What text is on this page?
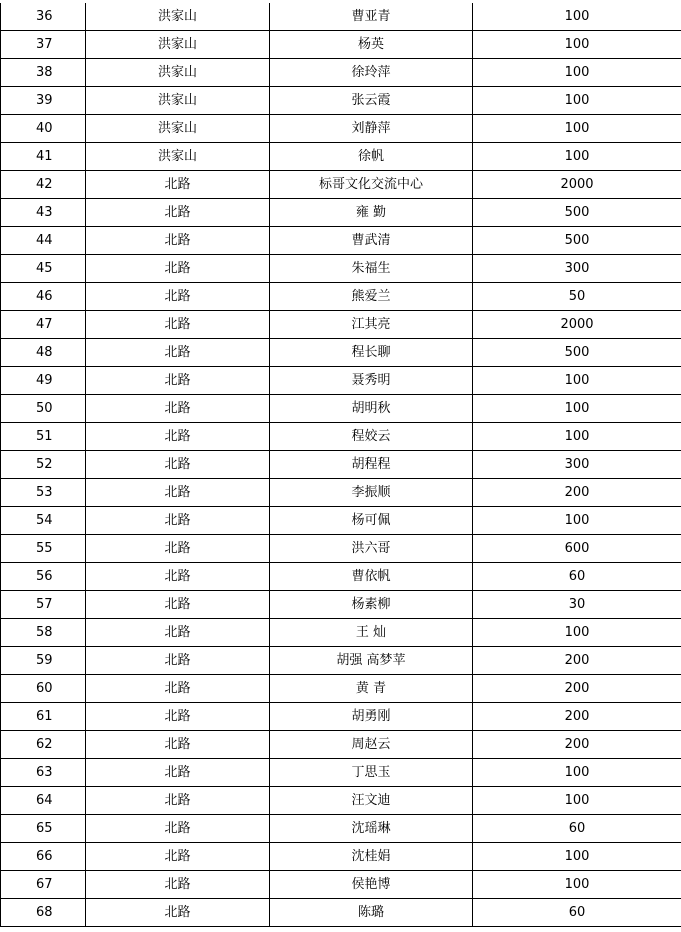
36	洪家山	曹亚青	100
37	洪家山	杨英	100
38	洪家山	徐玲萍	100
39	洪家山	张云霞	100
40	洪家山	刘静萍	100
41	洪家山	徐帆	100
42	北路	标哥文化交流中心	2000
43	北路	雍 勤	500
44	北路	曹武清	500
45	北路	朱福生	300
46	北路	熊爱兰	50
47	北路	江其亮	2000
48	北路	程长聊	500
49	北路	聂秀明	100
50	北路	胡明秋	100
51	北路	程姣云	100
52	北路	胡程程	300
53	北路	李振顺	200
54	北路	杨可佩	100
55	北路	洪六哥	600
56	北路	曹依帆	60
57	北路	杨素柳	30
58	北路	王 灿	100
59	北路	胡强 高梦苹	200
60	北路	黄 青	200
61	北路	胡勇刚	200
62	北路	周赵云	200
63	北路	丁思玉	100
64	北路	汪文迪	100
65	北路	沈瑶琳	60
66	北路	沈桂娟	100
67	北路	侯艳博	100
68	北路	陈璐	60
